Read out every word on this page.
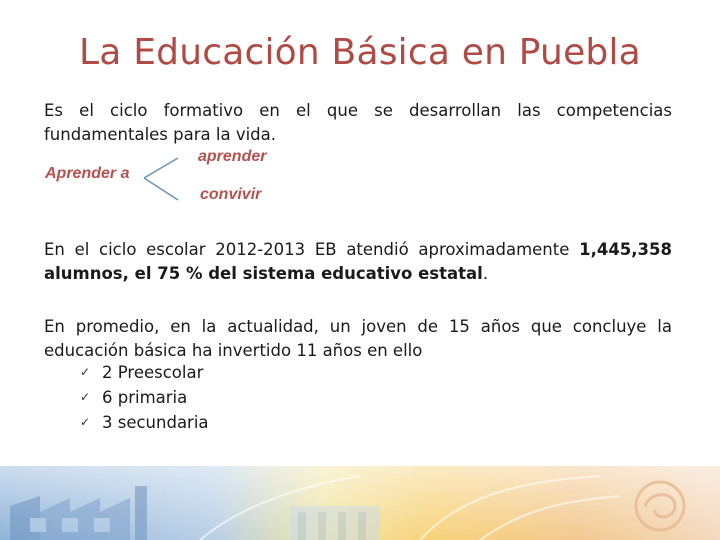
La Educación Básica en Puebla
Es el ciclo formativo en el que se desarrollan las competencias
fundamentales para la vida.
Aprender a
aprender
convivir
En el ciclo escolar 2012-2013 EB atendió aproximadamente 1,445,358
alumnos, el 75 % del sistema educativo estatal.
En promedio, en la actualidad, un joven de 15 años que concluye la
educación básica ha invertido 11 años en ello
✓ 2 Preescolar
✓ 6 primaria
✓ 3 secundaria
